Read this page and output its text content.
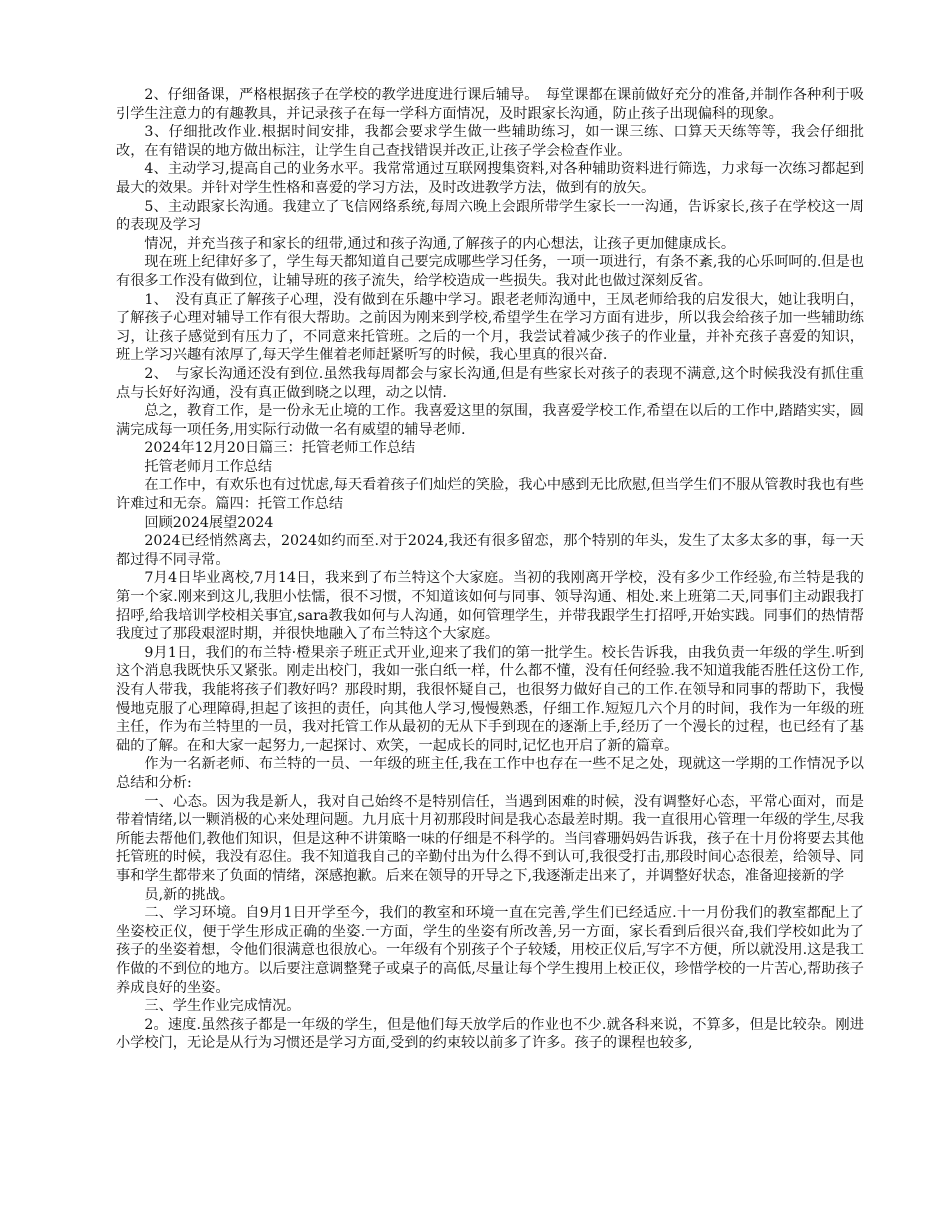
2、仔细备课，严格根据孩子在学校的教学进度进行课后辅导。　每堂课都在课前做好充分的准备,并制作各种利于吸引学生注意力的有趣教具，并记录孩子在每一学科方面情况，及时跟家长沟通，防止孩子出现偏科的现象。

3、仔细批改作业.根据时间安排，我都会要求学生做一些辅助练习，如一课三练、口算天天练等等，我会仔细批改，在有错误的地方做出标注，让学生自己查找错误并改正,让孩子学会检查作业。

4、主动学习,提高自己的业务水平。我常常通过互联网搜集资料,对各种辅助资料进行筛选，力求每一次练习都起到最大的效果。并针对学生性格和喜爱的学习方法，及时改进教学方法，做到有的放矢。

5、主动跟家长沟通。我建立了飞信网络系统,每周六晚上会跟所带学生家长一一沟通，告诉家长,孩子在学校这一周的表现及学习

情况，并充当孩子和家长的纽带,通过和孩子沟通,了解孩子的内心想法，让孩子更加健康成长。

现在班上纪律好多了，学生每天都知道自己要完成哪些学习任务，一项一项进行，有条不紊,我的心乐呵呵的.但是也有很多工作没有做到位，让辅导班的孩子流失，给学校造成一些损失。我对此也做过深刻反省。

1、　没有真正了解孩子心理，没有做到在乐趣中学习。跟老老师沟通中，王凤老师给我的启发很大，她让我明白，了解孩子心理对辅导工作有很大帮助。之前因为刚来到学校,希望学生在学习方面有进步，所以我会给孩子加一些辅助练习，让孩子感觉到有压力了，不同意来托管班。之后的一个月，我尝试着减少孩子的作业量，并补充孩子喜爱的知识，班上学习兴趣有浓厚了,每天学生催着老师赶紧听写的时候，我心里真的很兴奋.

2、　与家长沟通还没有到位.虽然我每周都会与家长沟通,但是有些家长对孩子的表现不满意,这个时候我没有抓住重点与长好好沟通，没有真正做到晓之以理，动之以情.

总之，教育工作，是一份永无止境的工作。我喜爱这里的氛围，我喜爱学校工作,希望在以后的工作中,踏踏实实，圆满完成每一项任务,用实际行动做一名有威望的辅导老师.

2024年12月20日篇三：托管老师工作总结

托管老师月工作总结

在工作中，有欢乐也有过忧虑,每天看着孩子们灿烂的笑脸，我心中感到无比欣慰,但当学生们不服从管教时我也有些许难过和无奈。篇四：托管工作总结

回顾2024展望2024

2024已经悄然离去，2024如约而至.对于2024,我还有很多留恋，那个特别的年头，发生了太多太多的事，每一天都过得不同寻常。

7月4日毕业离校,7月14日，我来到了布兰特这个大家庭。当初的我刚离开学校，没有多少工作经验,布兰特是我的第一个家.刚来到这儿,我胆小怯懦，很不习惯，不知道该如何与同事、领导沟通、相处.来上班第二天,同事们主动跟我打招呼,给我培训学校相关事宜,sara教我如何与人沟通，如何管理学生，并带我跟学生打招呼,开始实践。同事们的热情帮我度过了那段艰涩时期，并很快地融入了布兰特这个大家庭。

9月1日，我们的布兰特·橙果亲子班正式开业,迎来了我们的第一批学生。校长告诉我，由我负责一年级的学生.听到这个消息我既快乐又紧张。刚走出校门，我如一张白纸一样，什么都不懂，没有任何经验.我不知道我能否胜任这份工作,没有人带我，我能将孩子们教好吗？那段时期，我很怀疑自己，也很努力做好自己的工作.在领导和同事的帮助下，我慢慢地克服了心理障碍,担起了该担的责任，向其他人学习,慢慢熟悉，仔细工作.短短几六个月的时间，我作为一年级的班主任，作为布兰特里的一员，我对托管工作从最初的无从下手到现在的逐渐上手,经历了一个漫长的过程，也已经有了基础的了解。在和大家一起努力,一起探讨、欢笑，一起成长的同时,记忆也开启了新的篇章。

作为一名新老师、布兰特的一员、一年级的班主任,我在工作中也存在一些不足之处，现就这一学期的工作情况予以总结和分析:

一、心态。因为我是新人，我对自己始终不是特别信任，当遇到困难的时候，没有调整好心态，平常心面对，而是带着情绪,以一颗消极的心来处理问题。九月底十月初那段时间是我心态最差时期。我一直很用心管理一年级的学生,尽我所能去帮他们,教他们知识，但是这种不讲策略一味的仔细是不科学的。当闫睿珊妈妈告诉我，孩子在十月份将要去其他托管班的时候，我没有忍住。我不知道我自己的辛勤付出为什么得不到认可,我很受打击,那段时间心态很差，给领导、同事和学生都带来了负面的情绪，深感抱歉。后来在领导的开导之下,我逐渐走出来了，并调整好状态，准备迎接新的学

员,新的挑战。

二、学习环境。自9月1日开学至今，我们的教室和环境一直在完善,学生们已经适应.十一月份我们的教室都配上了坐姿校正仪，便于学生形成正确的坐姿.一方面，学生的坐姿有所改善,另一方面，家长看到后很兴奋,我们学校如此为了孩子的坐姿着想，令他们很满意也很放心。一年级有个别孩子个子较矮，用校正仪后,写字不方便，所以就没用.这是我工作做的不到位的地方。以后要注意调整凳子或桌子的高低,尽量让每个学生搜用上校正仪，珍惜学校的一片苦心,帮助孩子养成良好的坐姿。

三、学生作业完成情况。

2。速度.虽然孩子都是一年级的学生，但是他们每天放学后的作业也不少.就各科来说，不算多，但是比较杂。刚进小学校门，无论是从行为习惯还是学习方面,受到的约束较以前多了许多。孩子的课程也较多,
